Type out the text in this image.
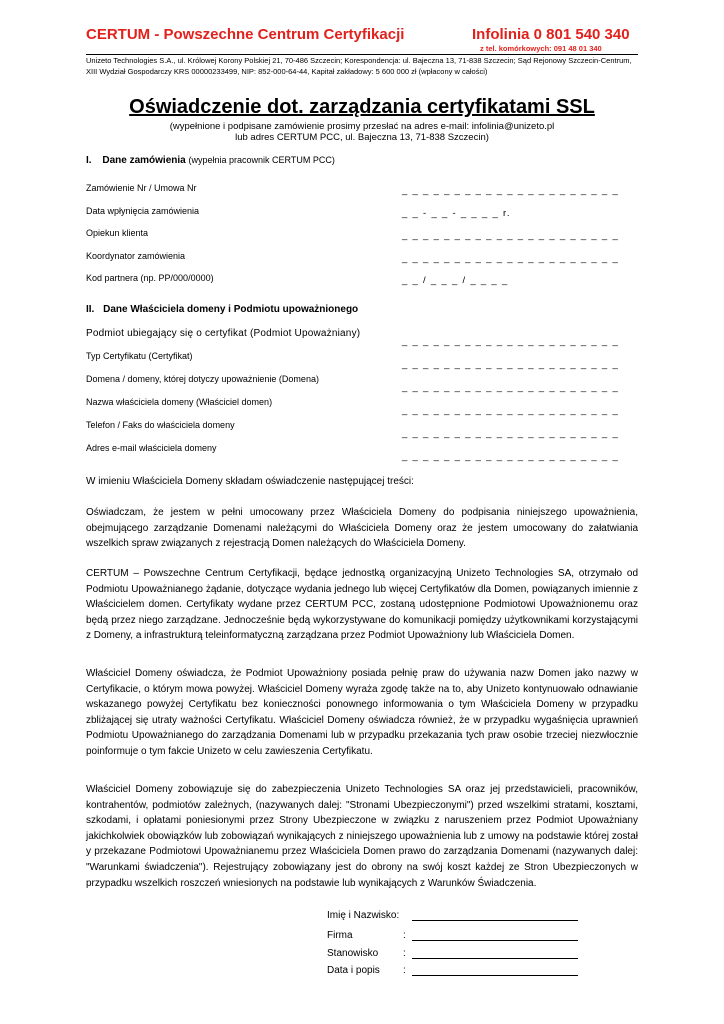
CERTUM - Powszechne Centrum Certyfikacji	Infolinia 0 801 540 340
z tel. komórkowych: 091 48 01 340
Unizeto Technologies S.A., ul. Królowej Korony Polskiej 21, 70-486 Szczecin; Korespondencja: ul. Bajeczna 13, 71-838 Szczecin; Sąd Rejonowy Szczecin-Centrum,
XIII Wydział Gospodarczy KRS 00000233499, NIP: 852-000-64-44, Kapitał zakładowy: 5 600 000 zł (wpłacony w całości)
Oświadczenie dot. zarządzania certyfikatami SSL
(wypełnione i podpisane zamówienie prosimy przesłać na adres e-mail: infolinia@unizeto.pl
lub adres CERTUM PCC, ul. Bajeczna 13, 71-838 Szczecin)
I. Dane zamówienia (wypełnia pracownik CERTUM PCC)
Zamówienie Nr / Umowa Nr	_ _ _ _ _ _ _ _ _ _ _ _ _ _ _ _ _ _ _ _ _
Data wpłynięcia zamówienia	_ _ - _ _ - _ _ _ _ r.
Opiekun klienta	_ _ _ _ _ _ _ _ _ _ _ _ _ _ _ _ _ _ _ _ _
Koordynator zamówienia	_ _ _ _ _ _ _ _ _ _ _ _ _ _ _ _ _ _ _ _ _
Kod partnera (np. PP/000/0000)	_ _ / _ _ _ / _ _ _ _
II. Dane Właściciela domeny i Podmiotu upoważnionego
Podmiot ubiegający się o certyfikat (Podmiot Upoważniany)
_ _ _ _ _ _ _ _ _ _ _ _ _ _ _ _ _ _ _ _ _
Typ Certyfikatu (Certyfikat)
_ _ _ _ _ _ _ _ _ _ _ _ _ _ _ _ _ _ _ _ _
Domena / domeny, której dotyczy upoważnienie (Domena)
_ _ _ _ _ _ _ _ _ _ _ _ _ _ _ _ _ _ _ _ _
Nazwa właściciela domeny (Właściciel domen)
_ _ _ _ _ _ _ _ _ _ _ _ _ _ _ _ _ _ _ _ _
Telefon / Faks do właściciela domeny
_ _ _ _ _ _ _ _ _ _ _ _ _ _ _ _ _ _ _ _ _
Adres e-mail właściciela domeny
_ _ _ _ _ _ _ _ _ _ _ _ _ _ _ _ _ _ _ _ _

W imieniu Właściciela Domeny składam oświadczenie następującej treści:

Oświadczam, że jestem w pełni umocowany przez Właściciela Domeny do podpisania niniejszego upoważnienia, obejmującego zarządzanie Domenami należącymi do Właściciela Domeny oraz że jestem umocowany do załatwiania wszelkich spraw związanych z rejestracją Domen należących do Właściciela Domeny.

CERTUM – Powszechne Centrum Certyfikacji, będące jednostką organizacyjną Unizeto Technologies SA, otrzymało od Podmiotu Upoważnianego żądanie, dotyczące wydania jednego lub więcej Certyfikatów dla Domen, powiązanych imiennie z Właścicielem domen. Certyfikaty wydane przez CERTUM PCC, zostaną udostępnione Podmiotowi Upoważnionemu oraz będą przez niego zarządzane. Jednocześnie będą wykorzystywane do komunikacji pomiędzy użytkownikami korzystającymi z Domeny, a infrastrukturą teleinformatyczną zarządzana przez Podmiot Upoważniony lub Właściciela Domen.

Właściciel Domeny oświadcza, że Podmiot Upoważniony posiada pełnię praw do używania nazw Domen jako nazwy w Certyfikacie, o którym mowa powyżej. Właściciel Domeny wyraża zgodę także na to, aby Unizeto kontynuowało odnawianie wskazanego powyżej Certyfikatu bez konieczności ponownego informowania o tym Właściciela Domeny w przypadku zbliżającej się utraty ważności Certyfikatu. Właściciel Domeny oświadcza również, że w przypadku wygaśnięcia uprawnień Podmiotu Upoważnianego do zarządzania Domenami lub w przypadku przekazania tych praw osobie trzeciej niezwłocznie poinformuje o tym fakcie Unizeto w celu zawieszenia Certyfikatu.

Właściciel Domeny zobowiązuje się do zabezpieczenia Unizeto Technologies SA oraz jej przedstawicieli, pracowników, kontrahentów, podmiotów zależnych, (nazywanych dalej: "Stronami Ubezpieczonymi") przed wszelkimi stratami, kosztami, szkodami, i opłatami poniesionymi przez Strony Ubezpieczone w związku z naruszeniem przez Podmiot Upoważniany jakichkolwiek obowiązków lub zobowiązań wynikających z niniejszego upoważnienia lub z umowy na podstawie której został y przekazane Podmiotowi Upoważnianemu przez Właściciela Domen prawo do zarządzania Domenami (nazywanych dalej: "Warunkami świadczenia"). Rejestrujący zobowiązany jest do obrony na swój koszt każdej ze Stron Ubezpieczonych w przypadku wszelkich roszczeń wniesionych na podstawie lub wynikających z Warunków Świadczenia.

Imię i Nazwisko:
Firma	:
Stanowisko :
Data i popis :
